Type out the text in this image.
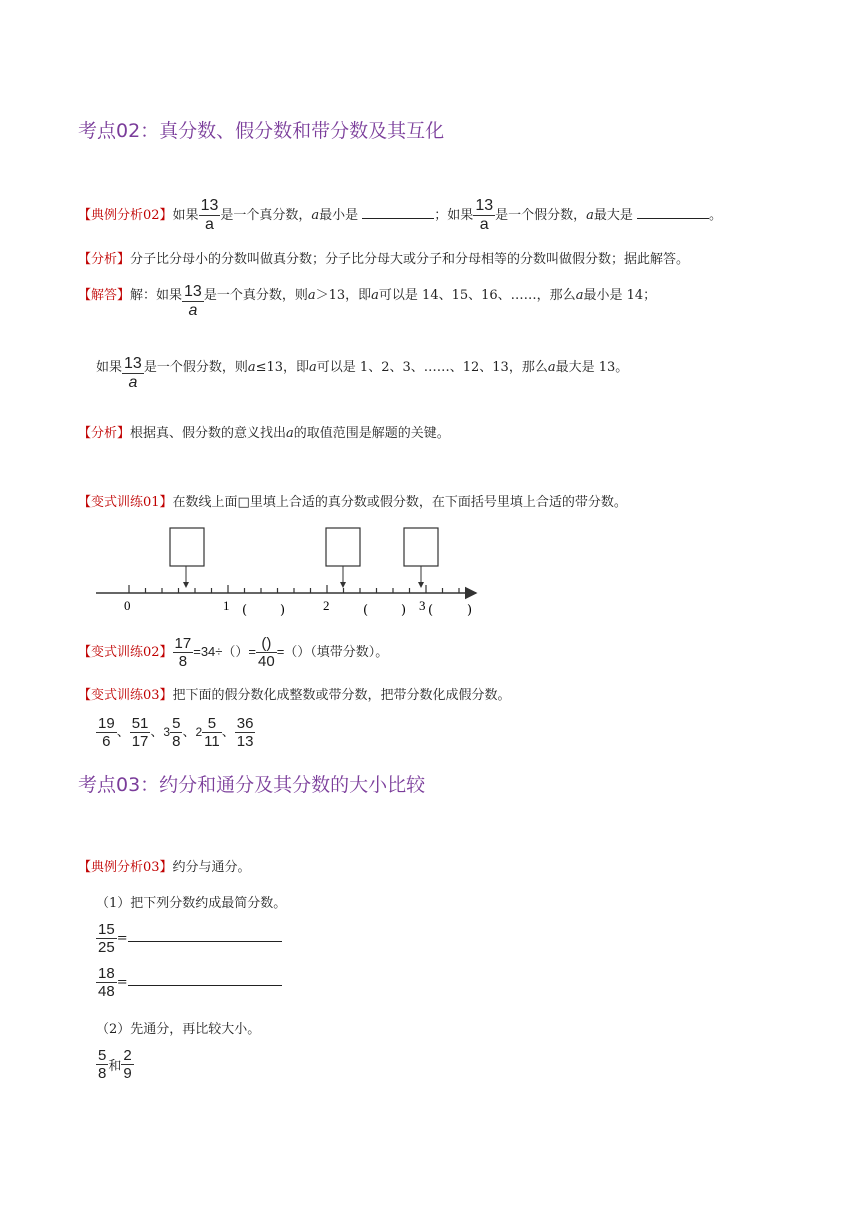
考点02：真分数、假分数和带分数及其互化
【典例分析02】如果 $\frac{13}{a}$ 是一个真分数，a最小是	；如果 $\frac{13}{a}$ 是一个假分数，a最大是	。
【分析】分子比分母小的分数叫做真分数；分子比分母大或分子和分母相等的分数叫做假分数；据此解答。
【解答】解：如果 $\frac{13}{a}$ 是一个真分数，则a＞13，即a可以是 14、15、16、……，那么a最小是 14；
如果 $\frac{13}{a}$ 是一个假分数，则a≤13，即a可以是 1、2、3、……、12、13，那么a最大是 13。
【分析】根据真、假分数的意义找出a的取值范围是解题的关键。
【变式训练01】在数线上面□里填上合适的真分数或假分数，在下面括号里填上合适的带分数。
0	1	2	3
(	)	(	) (	)
【变式训练02】 $\frac{17}{8} =34\div()= \frac{()}{40}$ =（）（填带分数）。
【变式训练03】把下面的假分数化成整数或带分数，把带分数化成假分数。
$\frac{19}{6}$ 、 $\frac{51}{17}$ 、$3 \frac{5}{8}$ 、$2 \frac{5}{11}$ 、 $\frac{36}{13}$
考点03：约分和通分及其分数的大小比较
【典例分析03】约分与通分。
（1）把下列分数约成最简分数。
$\frac{15}{25}$ =
$\frac{18}{48}$ =
（2）先通分，再比较大小。
$\frac{5}{8}$ 和 $\frac{2}{9}$
